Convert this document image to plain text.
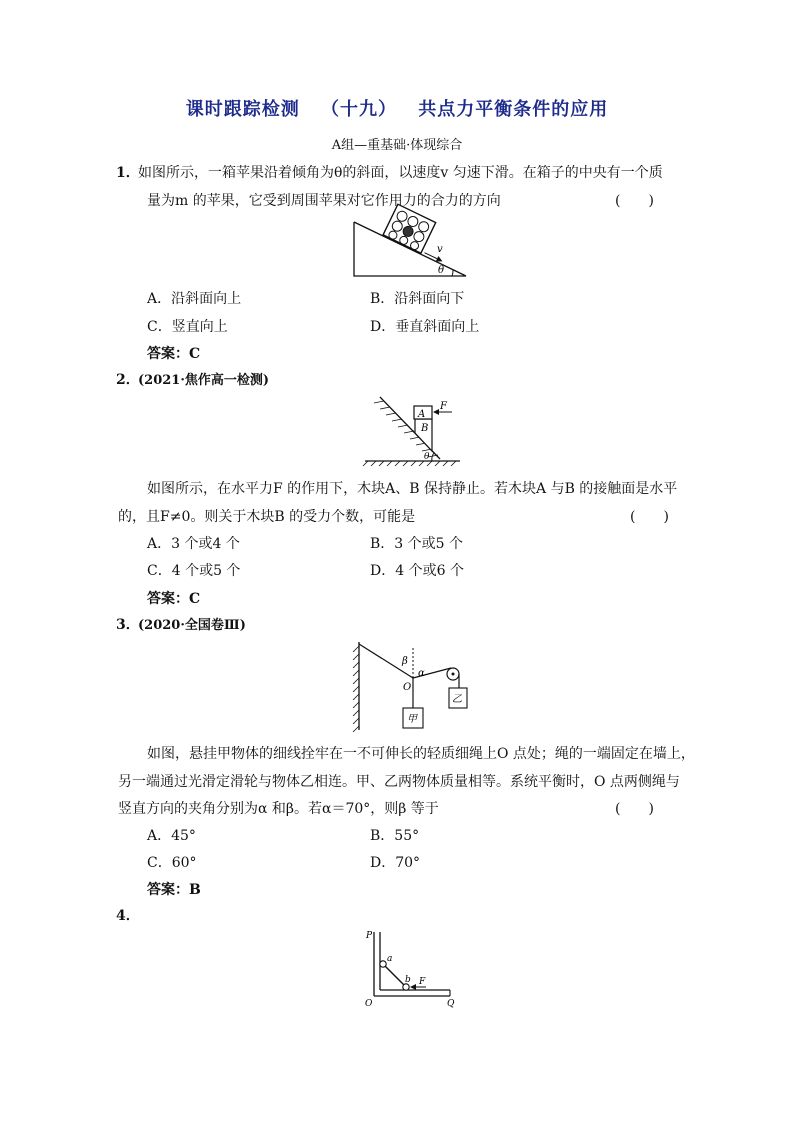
课时跟踪检测 （十九） 共点力平衡条件的应用
A组—重基础·体现综合
1．
如图所示，一箱苹果沿着倾角为θ的斜面，以速度v 匀速下滑。在箱子的中央有一个质
量为m 的苹果，它受到周围苹果对它作用力的合力的方向	(　　)
v
θ
A．沿斜面向上	B．沿斜面向下
C．竖直向上	D．垂直斜面向上
答案：C
2．
(2021·焦作高一检测)
A
B
F
θ
如图所示，在水平力F 的作用下，木块A、B 保持静止。若木块A 与B 的接触面是水平
的，且F≠0。则关于木块B 的受力个数，可能是	(　　)
A．3 个或4 个	B．3 个或5 个
C．4 个或5 个	D．4 个或6 个
答案：C
3．
(2020·全国卷Ⅲ)
乙
甲
β
α
O
如图，悬挂甲物体的细线拴牢在一不可伸长的轻质细绳上O 点处；绳的一端固定在墙上，
另一端通过光滑定滑轮与物体乙相连。甲、乙两物体质量相等。系统平衡时，O 点两侧绳与
竖直方向的夹角分别为α 和β。若α＝70°，则β 等于	(　　)
A．45°	B．55°
C．60°	D．70°
答案：B
4．
P
O	Q
a
b F
